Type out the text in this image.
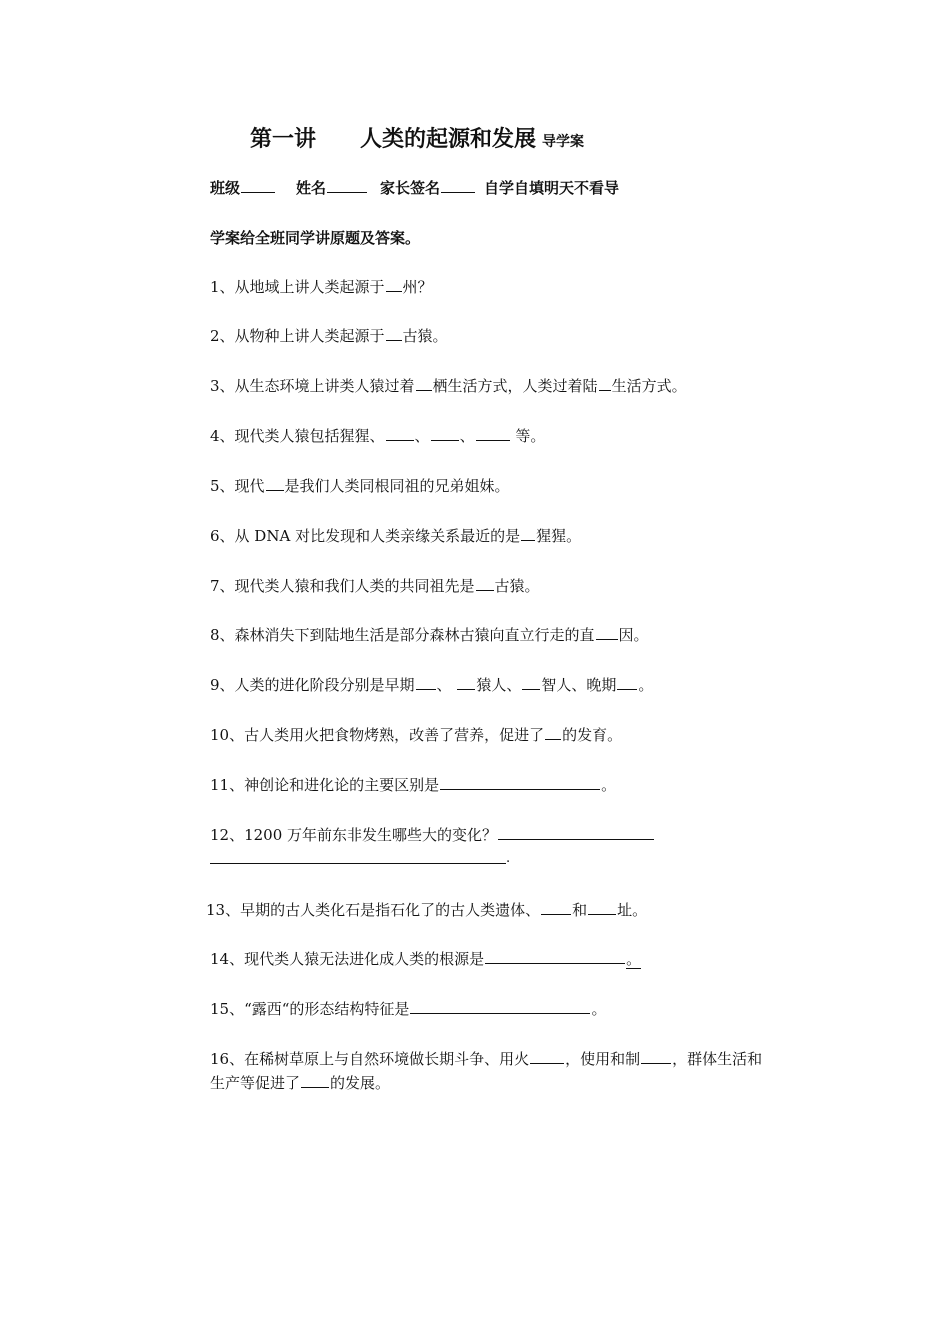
第一讲　　人类的起源和发展 导学案
班级	姓名	家长签名	自学自填明天不看导
学案给全班同学讲原题及答案。
1、从地域上讲人类起源于 州？
2、从物种上讲人类起源于 古猿。
3、从生态环境上讲类人猿过着 栖生活方式，人类过着陆 生活方式。
4、现代类人猿包括猩猩、 、 、 等。
5、现代 是我们人类同根同祖的兄弟姐妹。
6、从 DNA 对比发现和人类亲缘关系最近的是 猩猩。
7、现代类人猿和我们人类的共同祖先是 古猿。
8、森林消失下到陆地生活是部分森林古猿向直立行走的直 因。
9、人类的进化阶段分别是早期 、 猿人、 智人、晚期 。
10、古人类用火把食物烤熟，改善了营养，促进了 的发育。
11、神创论和进化论的主要区别是	。
12、1200 万年前东非发生哪些大的变化？
.
13、早期的古人类化石是指石化了的古人类遗体、 和 址。
14、现代类人猿无法进化成人类的根源是	。
15、“露西“的形态结构特征是	。
16、在稀树草原上与自然环境做长期斗争、用火 ，使用和制 ，群体生活和
生产等促进了 的发展。
